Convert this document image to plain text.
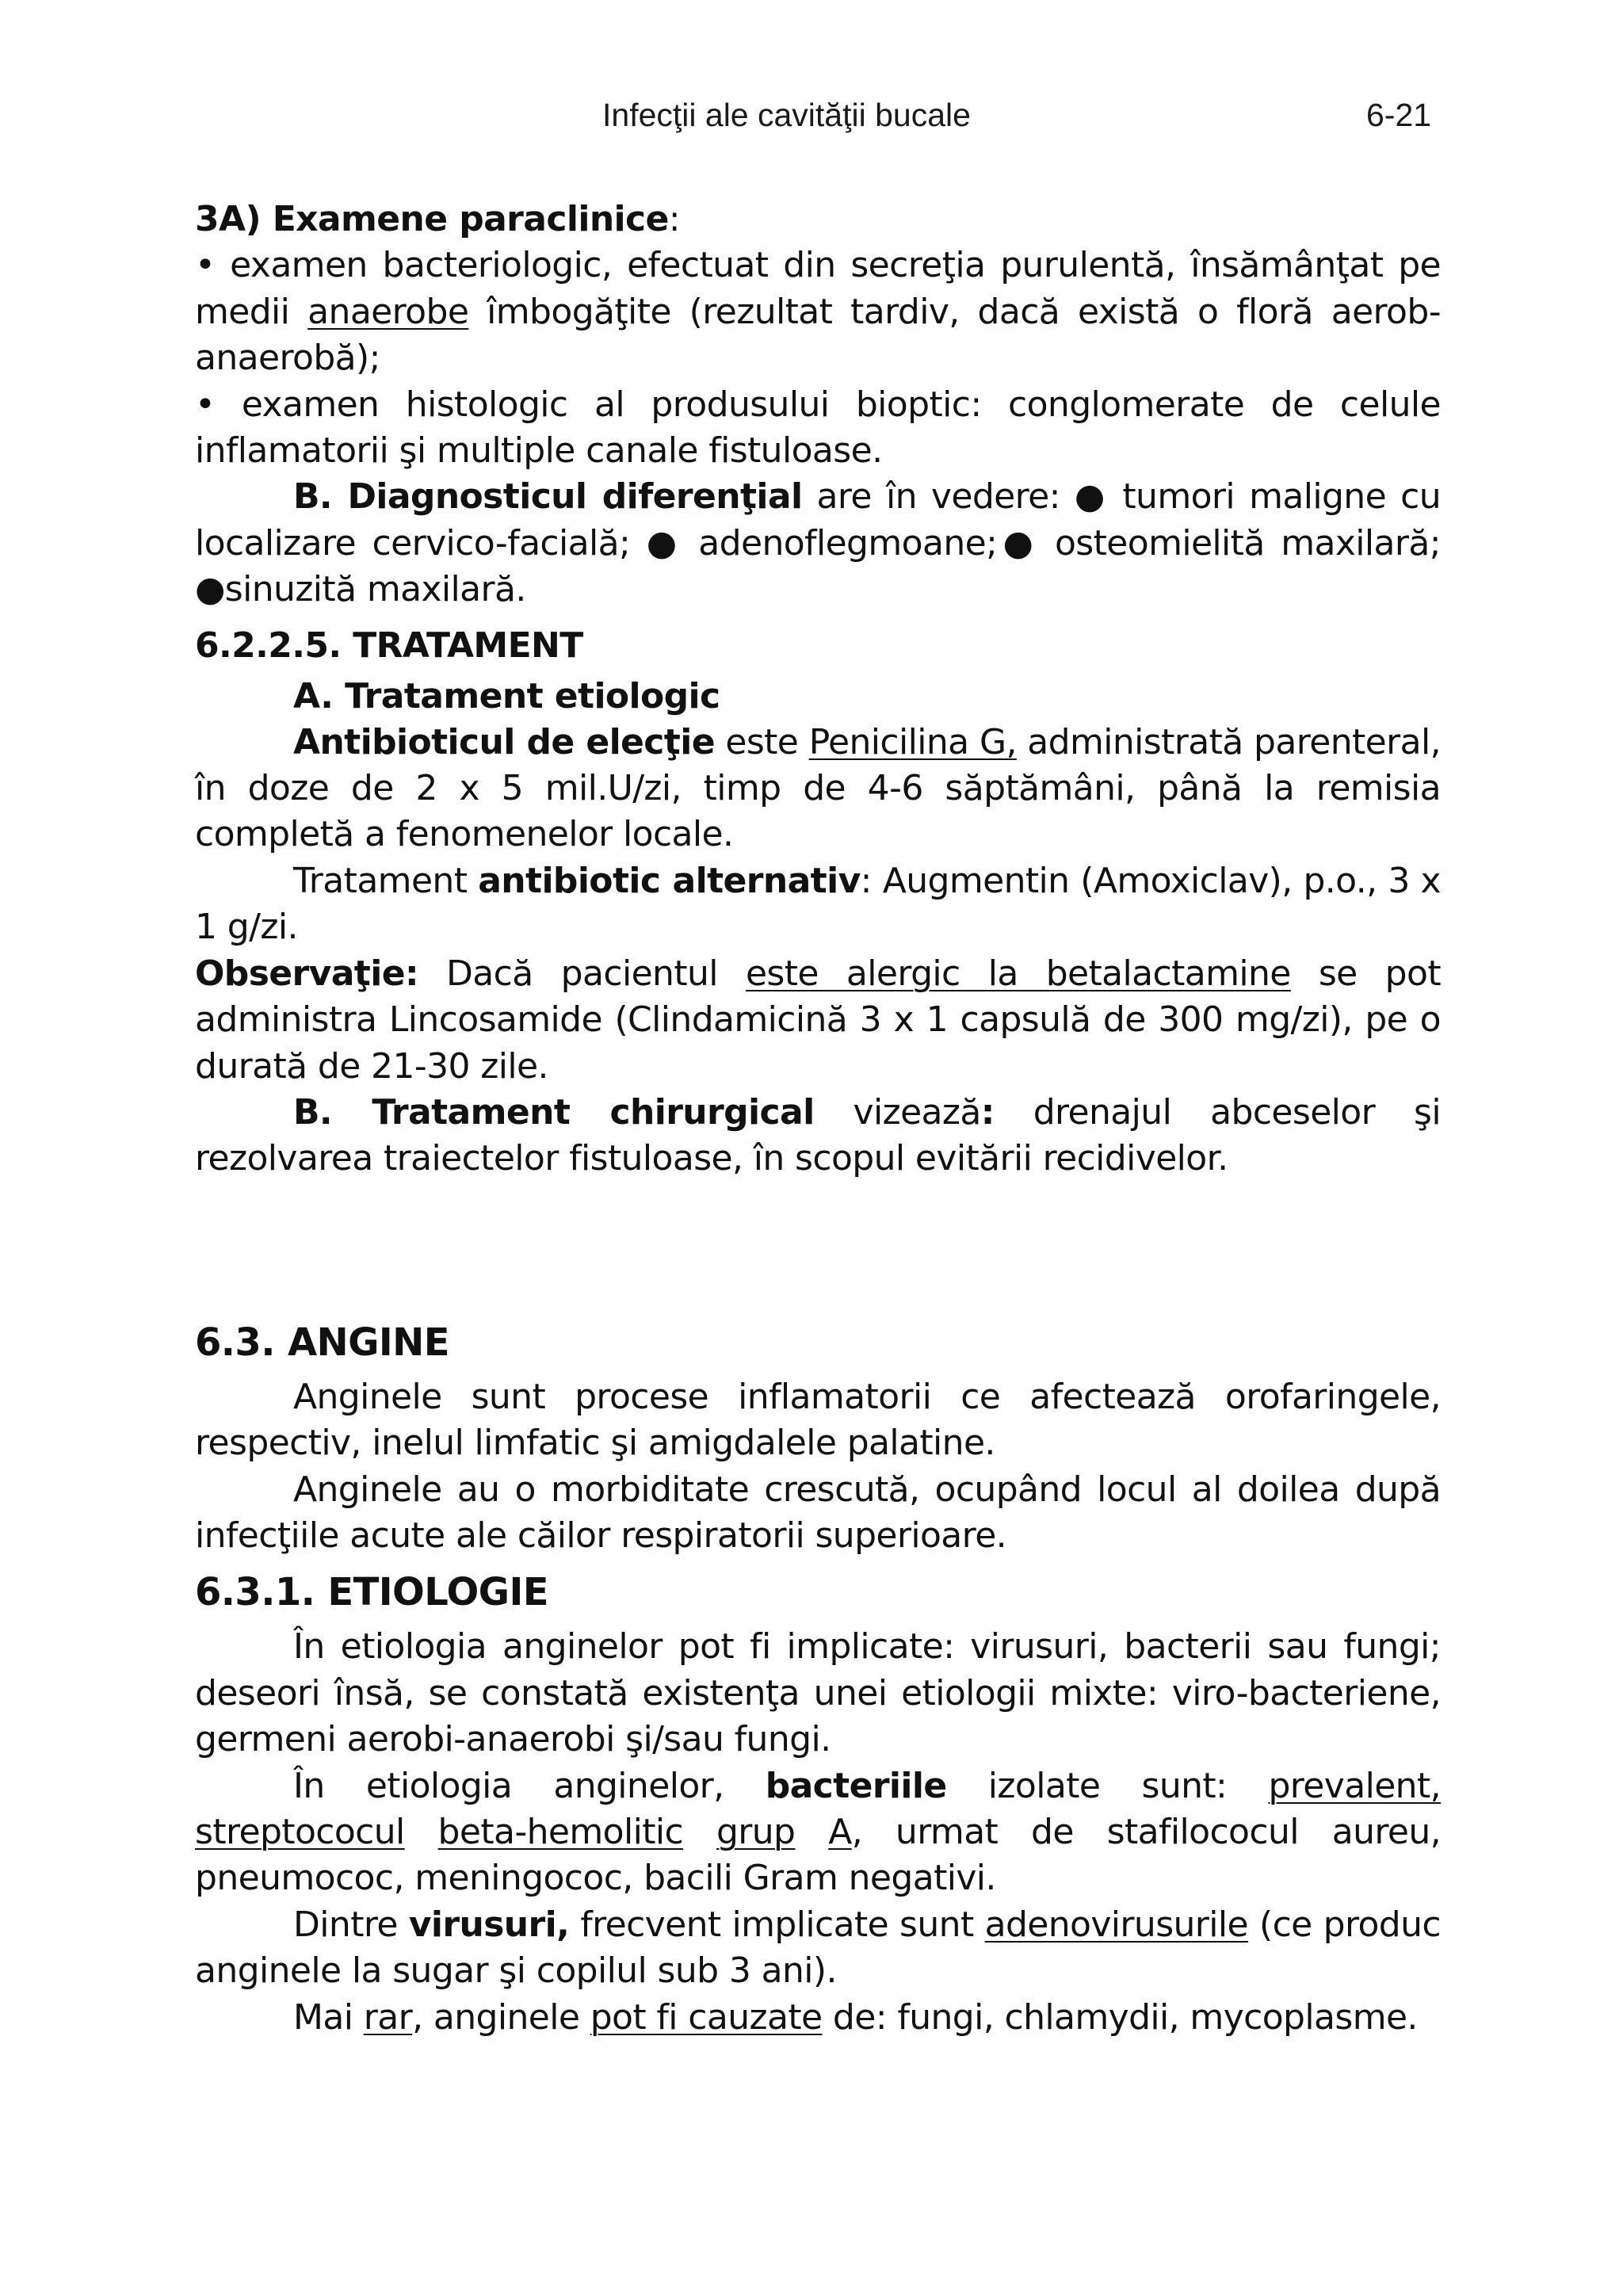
Infecţii ale cavităţii bucale	6-21

3A) Examene paraclinice:

• examen bacteriologic, efectuat din secreţia purulentă, însămânţat pe medii anaerobe îmbogăţite (rezultat tardiv, dacă există o floră aerob-anaerobă);

• examen histologic al produsului bioptic: conglomerate de celule inflamatorii şi multiple canale fistuloase.

B. Diagnosticul diferenţial are în vedere: ● tumori maligne cu localizare cervico-facială; ● adenoflegmoane;● osteomielită maxilară; ●sinuzită maxilară.

6.2.2.5. TRATAMENT

A. Tratament etiologic

Antibioticul de elecţie este Penicilina G, administrată parenteral, în doze de 2 x 5 mil.U/zi, timp de 4-6 săptămâni, până la remisia completă a fenomenelor locale.

Tratament antibiotic alternativ: Augmentin (Amoxiclav), p.o., 3 x 1 g/zi.

Observaţie: Dacă pacientul este alergic la betalactamine se pot administra Lincosamide (Clindamicină 3 x 1 capsulă de 300 mg/zi), pe o durată de 21-30 zile.

B. Tratament chirurgical vizează: drenajul abceselor şi rezolvarea traiectelor fistuloase, în scopul evitării recidivelor.

6.3. ANGINE

Anginele sunt procese inflamatorii ce afectează orofaringele, respectiv, inelul limfatic şi amigdalele palatine.

Anginele au o morbiditate crescută, ocupând locul al doilea după infecţiile acute ale căilor respiratorii superioare.

6.3.1. ETIOLOGIE

În etiologia anginelor pot fi implicate: virusuri, bacterii sau fungi; deseori însă, se constată existenţa unei etiologii mixte: viro-bacteriene, germeni aerobi-anaerobi şi/sau fungi.

În etiologia anginelor, bacteriile izolate sunt: prevalent, streptococul beta-hemolitic grup A, urmat de stafilococul aureu, pneumococ, meningococ, bacili Gram negativi.

Dintre virusuri, frecvent implicate sunt adenovirusurile (ce produc anginele la sugar şi copilul sub 3 ani).

Mai rar, anginele pot fi cauzate de: fungi, chlamydii, mycoplasme.
